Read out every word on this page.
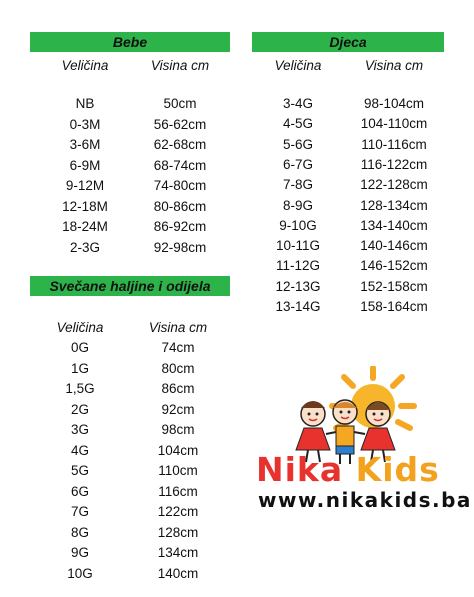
Bebe
Veličina	Visina cm
NB	50cm
0-3M	56-62cm
3-6M	62-68cm
6-9M	68-74cm
9-12M	74-80cm
12-18M	80-86cm
18-24M	86-92cm
2-3G	92-98cm
Djeca
Veličina	Visina cm
3-4G	98-104cm
4-5G	104-110cm
5-6G	110-116cm
6-7G	116-122cm
7-8G	122-128cm
8-9G	128-134cm
9-10G	134-140cm
10-11G	140-146cm
11-12G	146-152cm
12-13G	152-158cm
13-14G	158-164cm
Svečane haljine i odijela
Veličina	Visina cm
0G	74cm
1G	80cm
1,5G	86cm
2G	92cm
3G	98cm
4G	104cm
5G	110cm
6G	116cm
7G	122cm
8G	128cm
9G	134cm
10G	140cm
Nika Kids
www.nikakids.ba
